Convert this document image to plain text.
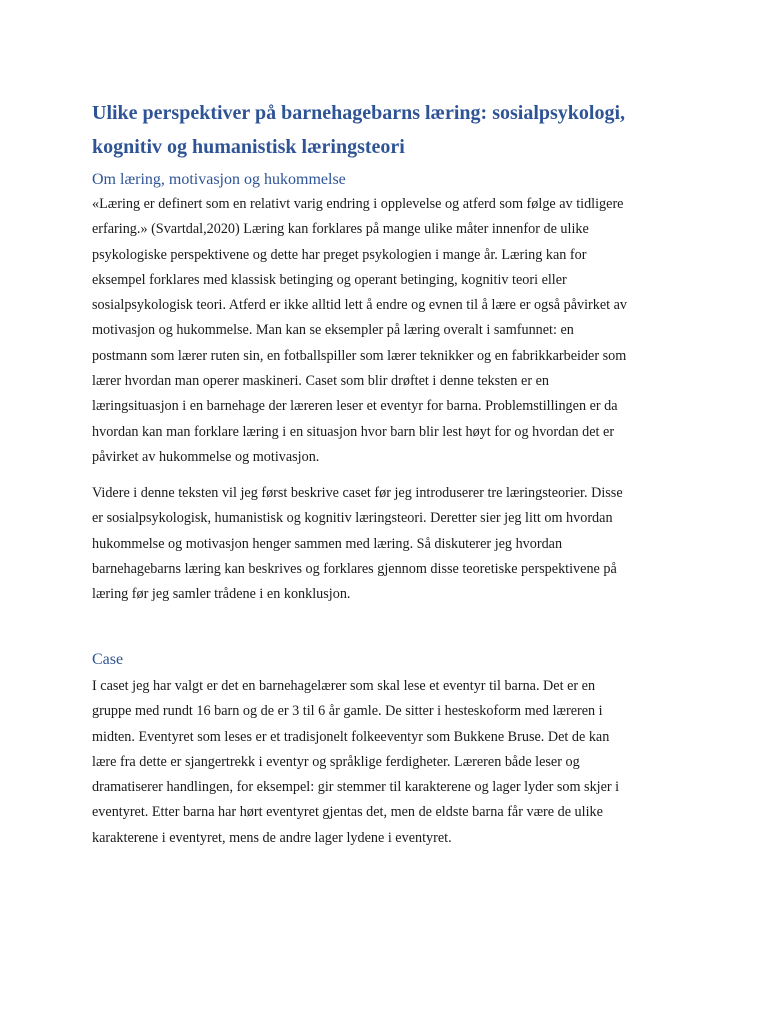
Ulike perspektiver på barnehagebarns læring: sosialpsykologi,
kognitiv og humanistisk læringsteori
Om læring, motivasjon og hukommelse

«Læring er definert som en relativt varig endring i opplevelse og atferd som følge av tidligere
erfaring.» (Svartdal,2020) Læring kan forklares på mange ulike måter innenfor de ulike
psykologiske perspektivene og dette har preget psykologien i mange år. Læring kan for
eksempel forklares med klassisk betinging og operant betinging, kognitiv teori eller
sosialpsykologisk teori. Atferd er ikke alltid lett å endre og evnen til å lære er også påvirket av
motivasjon og hukommelse. Man kan se eksempler på læring overalt i samfunnet: en
postmann som lærer ruten sin, en fotballspiller som lærer teknikker og en fabrikkarbeider som
lærer hvordan man operer maskineri. Caset som blir drøftet i denne teksten er en
læringsituasjon i en barnehage der læreren leser et eventyr for barna. Problemstillingen er da
hvordan kan man forklare læring i en situasjon hvor barn blir lest høyt for og hvordan det er
påvirket av hukommelse og motivasjon.

Videre i denne teksten vil jeg først beskrive caset før jeg introduserer tre læringsteorier. Disse
er sosialpsykologisk, humanistisk og kognitiv læringsteori. Deretter sier jeg litt om hvordan
hukommelse og motivasjon henger sammen med læring. Så diskuterer jeg hvordan
barnehagebarns læring kan beskrives og forklares gjennom disse teoretiske perspektivene på
læring før jeg samler trådene i en konklusjon.

Case

I caset jeg har valgt er det en barnehagelærer som skal lese et eventyr til barna. Det er en
gruppe med rundt 16 barn og de er 3 til 6 år gamle. De sitter i hesteskoform med læreren i
midten. Eventyret som leses er et tradisjonelt folkeeventyr som Bukkene Bruse. Det de kan
lære fra dette er sjangertrekk i eventyr og språklige ferdigheter. Læreren både leser og
dramatiserer handlingen, for eksempel: gir stemmer til karakterene og lager lyder som skjer i
eventyret. Etter barna har hørt eventyret gjentas det, men de eldste barna får være de ulike
karakterene i eventyret, mens de andre lager lydene i eventyret.
